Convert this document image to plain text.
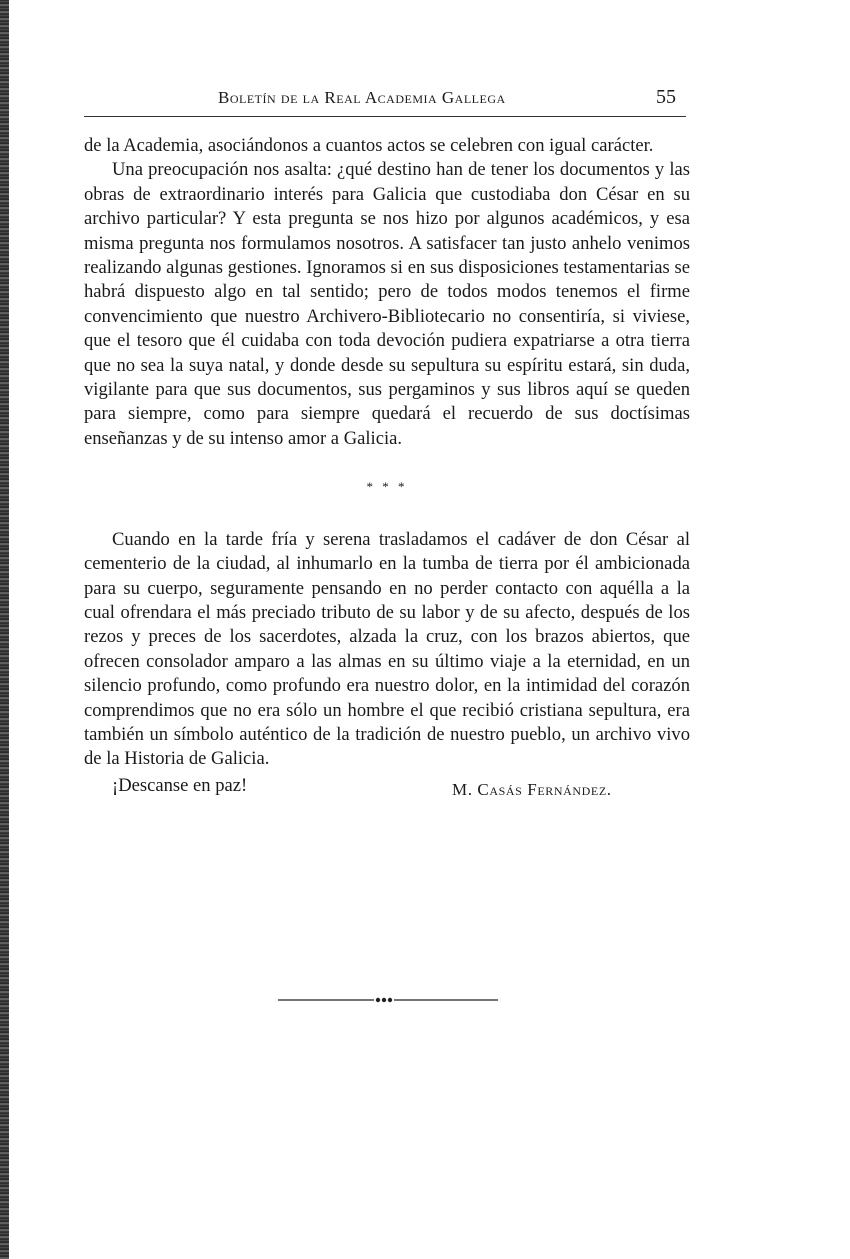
Boletín de la Real Academia Gallega	55

de la Academia, asociándonos a cuantos actos se celebren con igual carácter.

Una preocupación nos asalta: ¿qué destino han de tener los documentos y las obras de extraordinario interés para Galicia que custodiaba don César en su archivo particular? Y esta pregunta se nos hizo por algunos académicos, y esa misma pregunta nos formulamos nosotros. A satisfacer tan justo anhelo venimos realizando algunas gestiones. Ignoramos si en sus disposiciones testamentarias se habrá dispuesto algo en tal sentido; pero de todos modos tenemos el firme convencimiento que nuestro Archivero-Bibliotecario no consentiría, si viviese, que el tesoro que él cuidaba con toda devoción pudiera expatriarse a otra tierra que no sea la suya natal, y donde desde su sepultura su espíritu estará, sin duda, vigilante para que sus documentos, sus pergaminos y sus libros aquí se queden para siempre, como para siempre quedará el recuerdo de sus doctísimas enseñanzas y de su intenso amor a Galicia.

* * *

Cuando en la tarde fría y serena trasladamos el cadáver de don César al cementerio de la ciudad, al inhumarlo en la tumba de tierra por él ambicionada para su cuerpo, seguramente pensando en no perder contacto con aquélla a la cual ofrendara el más preciado tributo de su labor y de su afecto, después de los rezos y preces de los sacerdotes, alzada la cruz, con los brazos abiertos, que ofrecen consolador amparo a las almas en su último viaje a la eternidad, en un silencio profundo, como profundo era nuestro dolor, en la intimidad del corazón comprendimos que no era sólo un hombre el que recibió cristiana sepultura, era también un símbolo auténtico de la tradición de nuestro pueblo, un archivo vivo de la Historia de Galicia.

¡Descanse en paz!	M. Casás Fernández.
